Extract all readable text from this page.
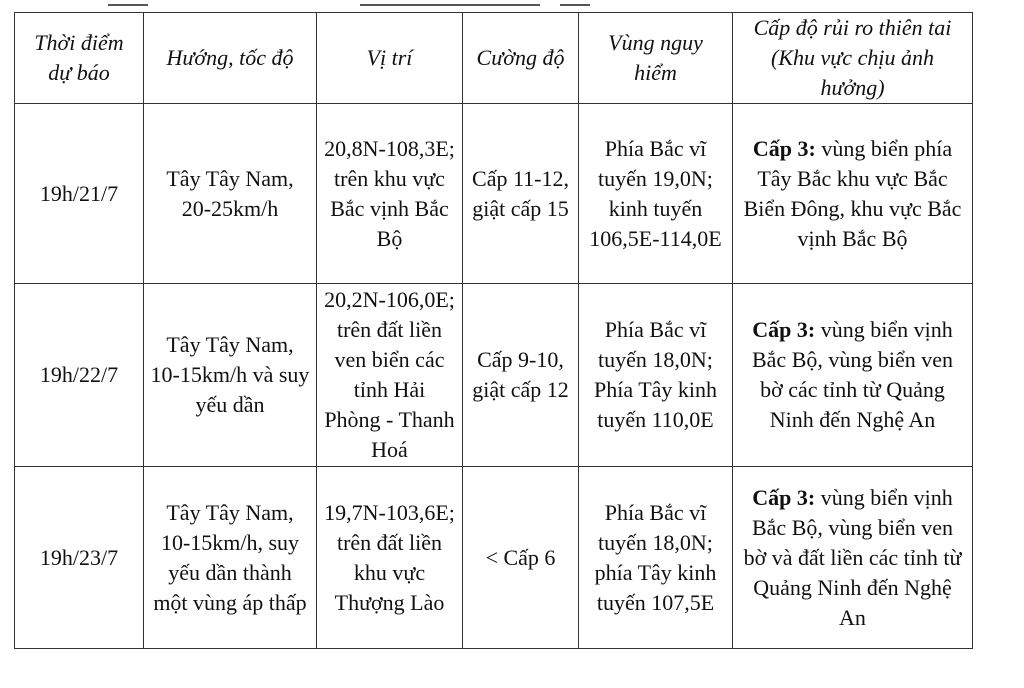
Thời điểm dự báo	Hướng, tốc độ	Vị trí	Cường độ	Vùng nguy hiểm	Cấp độ rủi ro thiên tai (Khu vực chịu ảnh hưởng)
19h/21/7	Tây Tây Nam, 20-25km/h	20,8N-108,3E; trên khu vực Bắc vịnh Bắc Bộ	Cấp 11-12, giật cấp 15	Phía Bắc vĩ tuyến 19,0N; kinh tuyến 106,5E-114,0E	Cấp 3: vùng biển phía Tây Bắc khu vực Bắc Biển Đông, khu vực Bắc vịnh Bắc Bộ
19h/22/7	Tây Tây Nam, 10-15km/h và suy yếu dần	20,2N-106,0E; trên đất liền ven biển các tỉnh Hải Phòng - Thanh Hoá	Cấp 9-10, giật cấp 12	Phía Bắc vĩ tuyến 18,0N; Phía Tây kinh tuyến 110,0E	Cấp 3: vùng biển vịnh Bắc Bộ, vùng biển ven bờ các tỉnh từ Quảng Ninh đến Nghệ An
19h/23/7	Tây Tây Nam, 10-15km/h, suy yếu dần thành một vùng áp thấp	19,7N-103,6E; trên đất liền khu vực Thượng Lào	< Cấp 6	Phía Bắc vĩ tuyến 18,0N; phía Tây kinh tuyến 107,5E	Cấp 3: vùng biển vịnh Bắc Bộ, vùng biển ven bờ và đất liền các tỉnh từ Quảng Ninh đến Nghệ An
